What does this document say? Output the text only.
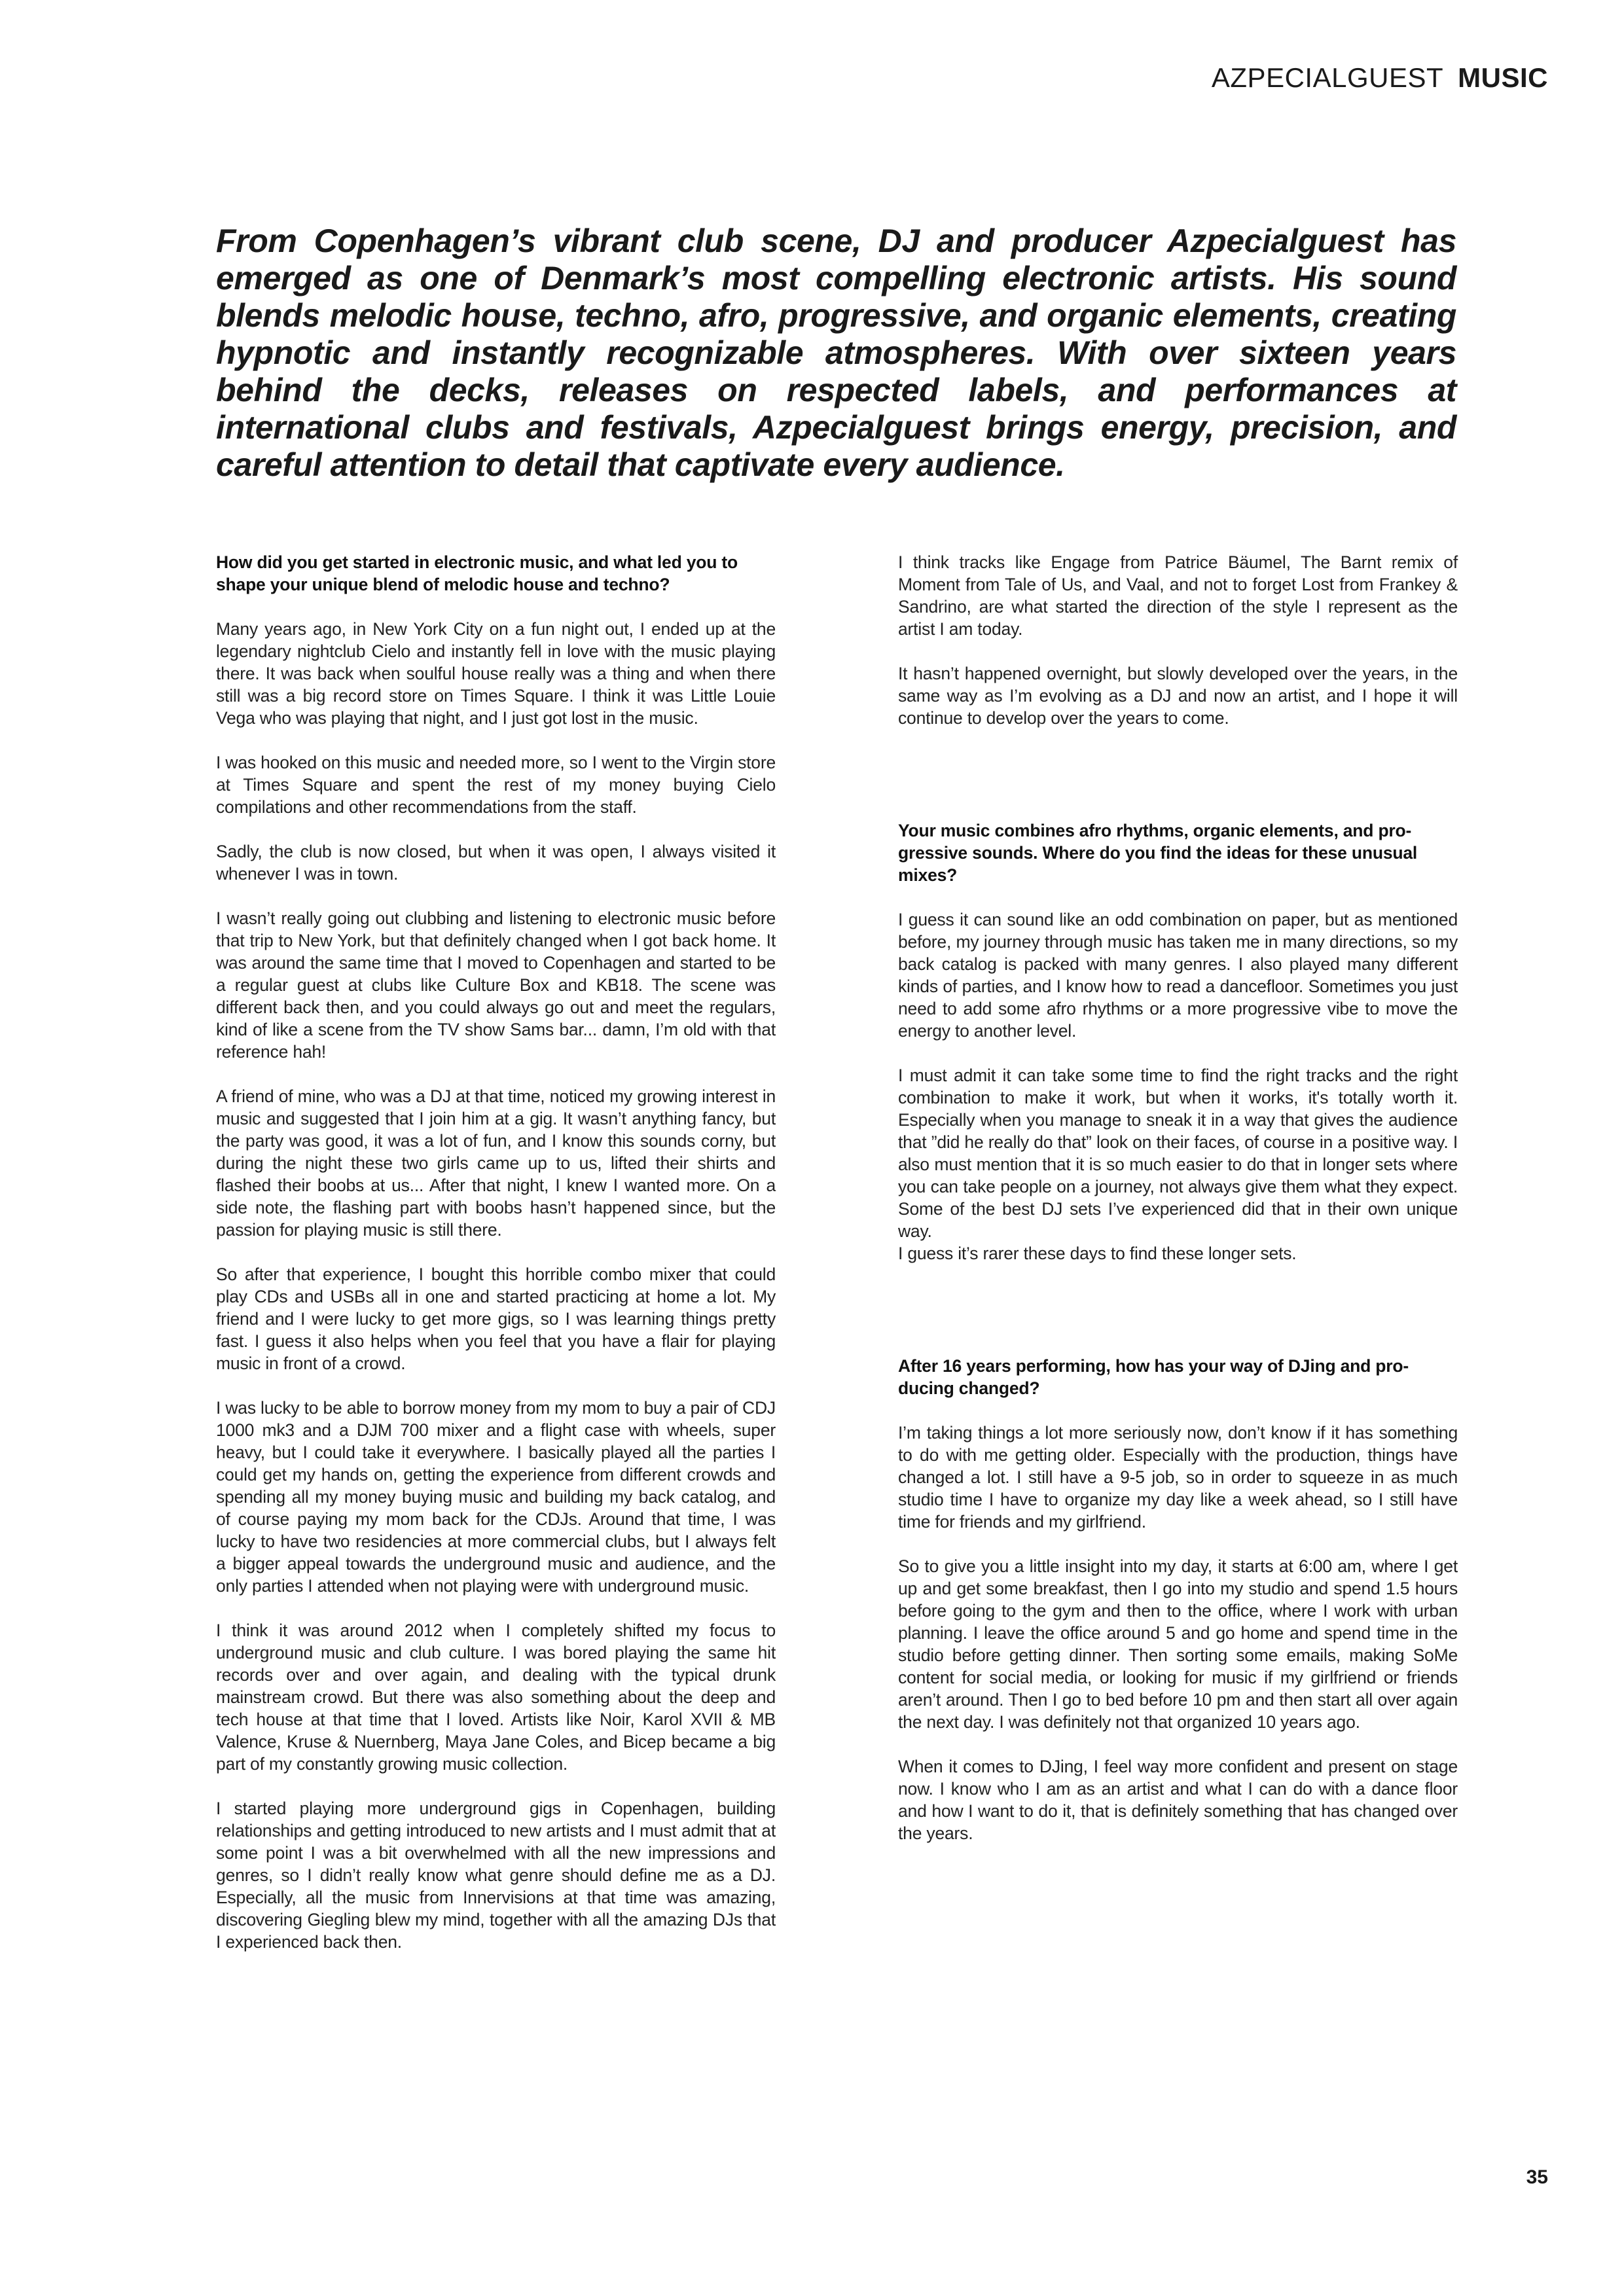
AZPECIALGUEST MUSIC

From Copenhagen’s vibrant club scene, DJ and producer Azpecialguest has emerged as one of Denmark’s most compelling electronic artists. His sound blends melodic house, techno, afro, progressive, and organic elements, creating hypnotic and instantly recognizable atmospheres. With over sixteen years behind the decks, releases on respected labels, and performances at international clubs and festivals, Azpecialguest brings energy, precision, and careful attention to detail that captivate every audience.

How did you get started in electronic music, and what led you to shape your unique blend of melodic house and techno?

Many years ago, in New York City on a fun night out, I ended up at the legendary nightclub Cielo and instantly fell in love with the music playing there. It was back when soulful house really was a thing and when there still was a big record store on Times Square. I think it was Little Louie Vega who was playing that night, and I just got lost in the music.

I was hooked on this music and needed more, so I went to the Virgin store at Times Square and spent the rest of my money buying Cielo compilations and other recommendations from the staff.

Sadly, the club is now closed, but when it was open, I always visited it whenever I was in town.

I wasn’t really going out clubbing and listening to electronic music before that trip to New York, but that definitely changed when I got back home. It was around the same time that I moved to Copenhagen and started to be a regular guest at clubs like Culture Box and KB18. The scene was different back then, and you could always go out and meet the regulars, kind of like a scene from the TV show Sams bar... damn, I’m old with that reference hah!

A friend of mine, who was a DJ at that time, noticed my growing interest in music and suggested that I join him at a gig. It wasn’t anything fancy, but the party was good, it was a lot of fun, and I know this sounds corny, but during the night these two girls came up to us, lifted their shirts and flashed their boobs at us... After that night, I knew I wanted more. On a side note, the flashing part with boobs hasn’t happened since, but the passion for playing music is still there.

So after that experience, I bought this horrible combo mixer that could play CDs and USBs all in one and started practicing at home a lot. My friend and I were lucky to get more gigs, so I was learning things pretty fast. I guess it also helps when you feel that you have a flair for playing music in front of a crowd.

I was lucky to be able to borrow money from my mom to buy a pair of CDJ 1000 mk3 and a DJM 700 mixer and a flight case with wheels, super heavy, but I could take it everywhere. I basically played all the parties I could get my hands on, getting the experience from different crowds and spending all my money buying music and building my back catalog, and of course paying my mom back for the CDJs. Around that time, I was lucky to have two residencies at more commercial clubs, but I always felt a bigger appeal towards the underground music and audience, and the only parties I attended when not playing were with underground music.

I think it was around 2012 when I completely shifted my focus to underground music and club culture. I was bored playing the same hit records over and over again, and dealing with the typical drunk mainstream crowd. But there was also something about the deep and tech house at that time that I loved. Artists like Noir, Karol XVII & MB Valence, Kruse & Nuernberg, Maya Jane Coles, and Bicep became a big part of my constantly growing music collection.

I started playing more underground gigs in Copenhagen, building relationships and getting introduced to new artists and I must admit that at some point I was a bit overwhelmed with all the new impressions and genres, so I didn’t really know what genre should define me as a DJ. Especially, all the music from Innervisions at that time was amazing, discovering Giegling blew my mind, together with all the amazing DJs that I experienced back then.

I think tracks like Engage from Patrice Bäumel, The Barnt remix of Moment from Tale of Us, and Vaal, and not to forget Lost from Frankey & Sandrino, are what started the direction of the style I represent as the artist I am today.

It hasn’t happened overnight, but slowly developed over the years, in the same way as I’m evolving as a DJ and now an artist, and I hope it will continue to develop over the years to come.

Your music combines afro rhythms, organic elements, and progressive sounds. Where do you find the ideas for these unusual mixes?

I guess it can sound like an odd combination on paper, but as mentioned before, my journey through music has taken me in many directions, so my back catalog is packed with many genres. I also played many different kinds of parties, and I know how to read a dancefloor. Sometimes you just need to add some afro rhythms or a more progressive vibe to move the energy to another level.

I must admit it can take some time to find the right tracks and the right combination to make it work, but when it works, it's totally worth it. Especially when you manage to sneak it in a way that gives the audience that ”did he really do that” look on their faces, of course in a positive way. I also must mention that it is so much easier to do that in longer sets where you can take people on a journey, not always give them what they expect. Some of the best DJ sets I’ve experienced did that in their own unique way.

I guess it’s rarer these days to find these longer sets.

After 16 years performing, how has your way of DJing and producing changed?

I’m taking things a lot more seriously now, don’t know if it has something to do with me getting older. Especially with the production, things have changed a lot. I still have a 9-5 job, so in order to squeeze in as much studio time I have to organize my day like a week ahead, so I still have time for friends and my girlfriend.

So to give you a little insight into my day, it starts at 6:00 am, where I get up and get some breakfast, then I go into my studio and spend 1.5 hours before going to the gym and then to the office, where I work with urban planning. I leave the office around 5 and go home and spend time in the studio before getting dinner. Then sorting some emails, making SoMe content for social media, or looking for music if my girlfriend or friends aren’t around. Then I go to bed before 10 pm and then start all over again the next day. I was definitely not that organized 10 years ago.

When it comes to DJing, I feel way more confident and present on stage now. I know who I am as an artist and what I can do with a dance floor and how I want to do it, that is definitely something that has changed over the years.

35
